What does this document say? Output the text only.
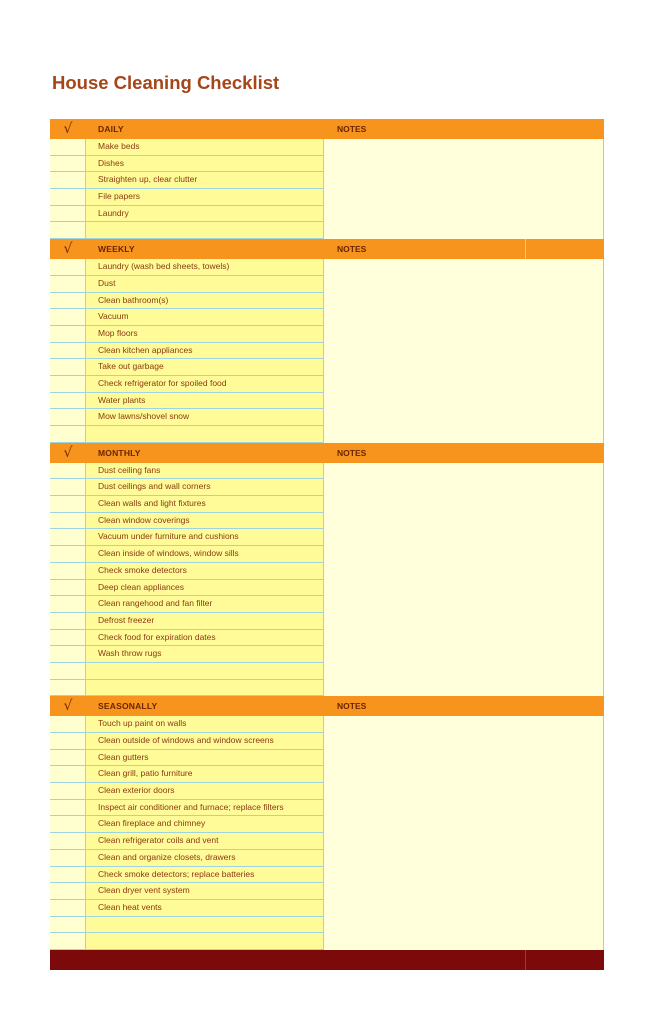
House Cleaning Checklist
√	DAILY	NOTES
Make beds
Dishes
Straighten up, clear clutter
File papers
Laundry
√	WEEKLY	NOTES
Laundry (wash bed sheets, towels)
Dust
Clean bathroom(s)
Vacuum
Mop floors
Clean kitchen appliances
Take out garbage
Check refrigerator for spoiled food
Water plants
Mow lawns/shovel snow
√	MONTHLY	NOTES
Dust ceiling fans
Dust ceilings and wall corners
Clean walls and light fixtures
Clean window coverings
Vacuum under furniture and cushions
Clean inside of windows, window sills
Check smoke detectors
Deep clean appliances
Clean rangehood and fan filter
Defrost freezer
Check food for expiration dates
Wash throw rugs
√	SEASONALLY	NOTES
Touch up paint on walls
Clean outside of windows and window screens
Clean gutters
Clean grill, patio furniture
Clean exterior doors
Inspect air conditioner and furnace; replace filters
Clean fireplace and chimney
Clean refrigerator coils and vent
Clean and organize closets, drawers
Check smoke detectors; replace batteries
Clean dryer vent system
Clean heat vents
